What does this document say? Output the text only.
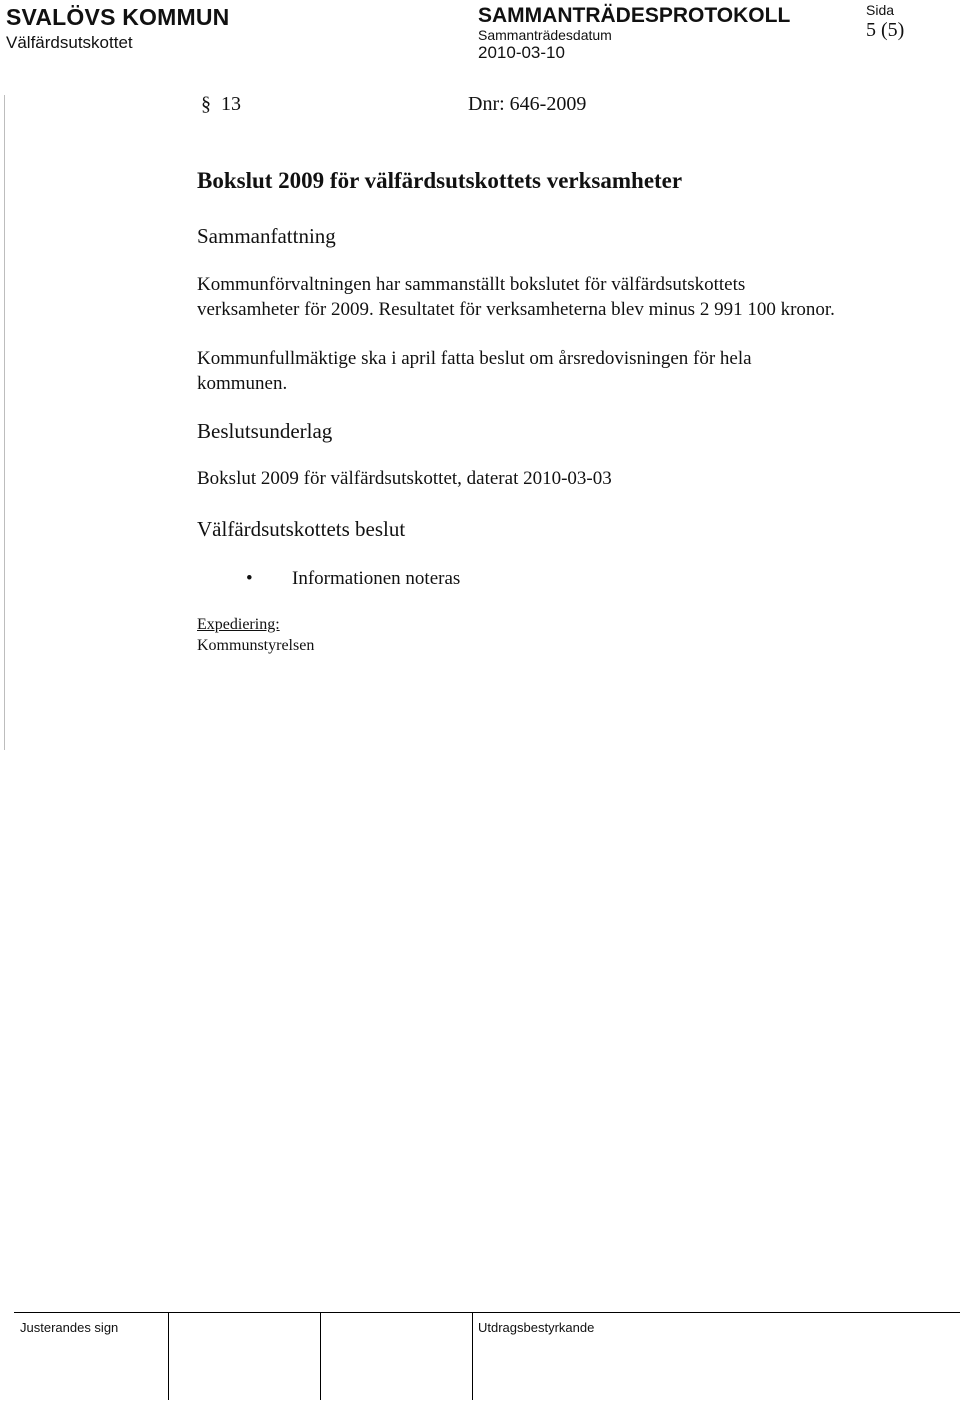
SVALÖVS KOMMUN
Välfärdsutskottet
SAMMANTRÄDESPROTOKOLL
Sammanträdesdatum
2010-03-10
Sida
5 (5)
§ 13	Dnr: 646-2009
Bokslut 2009 för välfärdsutskottets verksamheter
Sammanfattning
Kommunförvaltningen har sammanställt bokslutet för välfärdsutskottets
verksamheter för 2009. Resultatet för verksamheterna blev minus 2 991 100 kronor.
Kommunfullmäktige ska i april fatta beslut om årsredovisningen för hela
kommunen.
Beslutsunderlag
Bokslut 2009 för välfärdsutskottet, daterat 2010-03-03
Välfärdsutskottets beslut
• Informationen noteras
Expediering:
Kommunstyrelsen
Justerandes sign	Utdragsbestyrkande
